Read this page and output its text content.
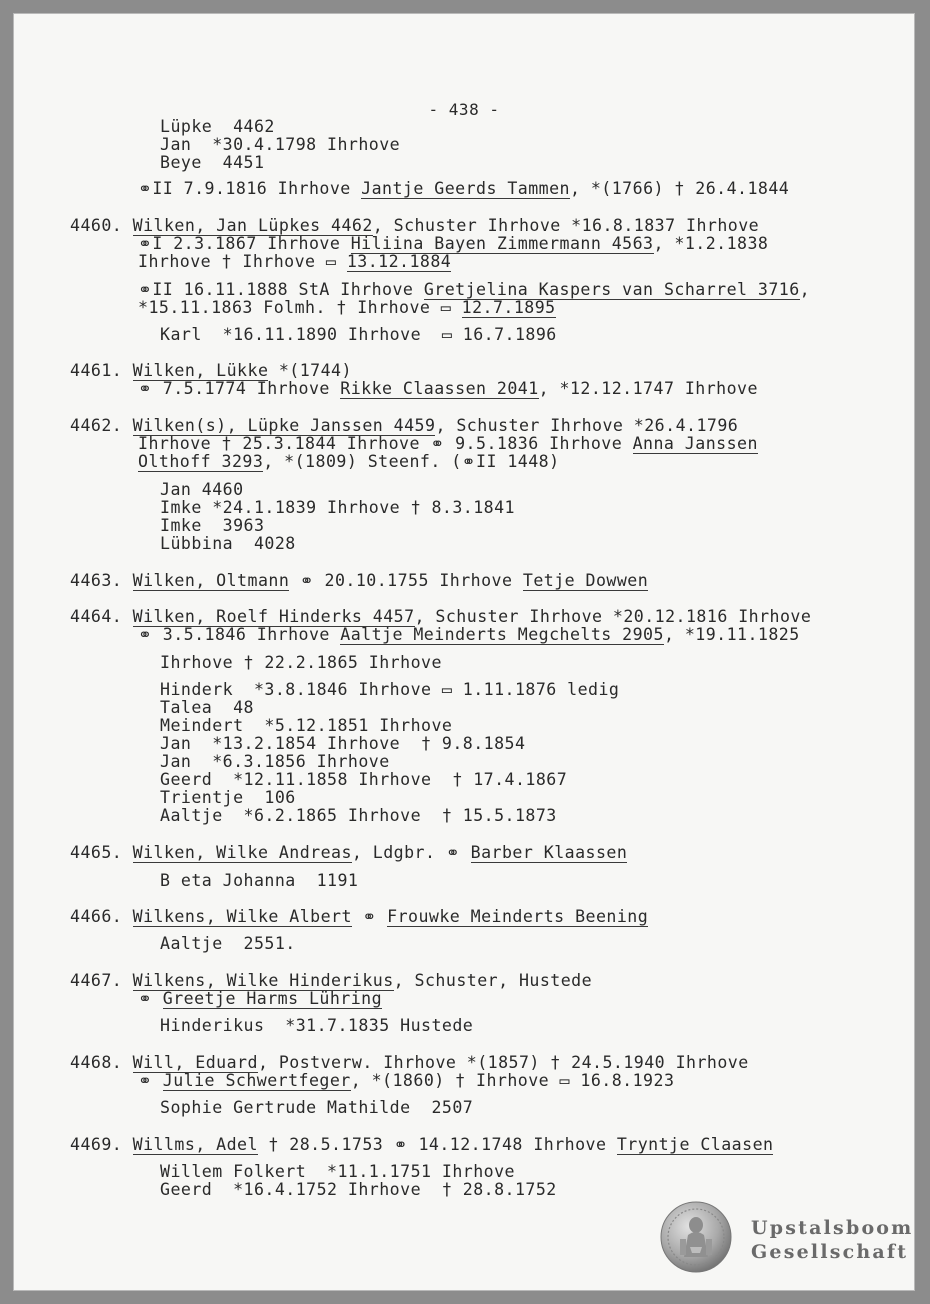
- 438 -
Lüpke  4462
Jan  *30.4.1798 Ihrhove
Beye  4451
⚭II 7.9.1816 Ihrhove Jantje Geerds Tammen, *(1766) † 26.4.1844
4460. Wilken, Jan Lüpkes 4462, Schuster Ihrhove *16.8.1837 Ihrhove
⚭I 2.3.1867 Ihrhove Hiliina Bayen Zimmermann 4563, *1.2.1838
Ihrhove † Ihrhove ▭ 13.12.1884
⚭II 16.11.1888 StA Ihrhove Gretjelina Kaspers van Scharrel 3716,
*15.11.1863 Folmh. † Ihrhove ▭ 12.7.1895
Karl  *16.11.1890 Ihrhove  ▭ 16.7.1896
4461. Wilken, Lükke *(1744)
⚭ 7.5.1774 Ihrhove Rikke Claassen 2041, *12.12.1747 Ihrhove
4462. Wilken(s), Lüpke Janssen 4459, Schuster Ihrhove *26.4.1796
Ihrhove † 25.3.1844 Ihrhove ⚭ 9.5.1836 Ihrhove Anna Janssen
Olthoff 3293, *(1809) Steenf. (⚭II 1448)
Jan 4460
Imke *24.1.1839 Ihrhove † 8.3.1841
Imke  3963
Lübbina  4028
4463. Wilken, Oltmann ⚭ 20.10.1755 Ihrhove Tetje Dowwen
4464. Wilken, Roelf Hinderks 4457, Schuster Ihrhove *20.12.1816 Ihrhove
⚭ 3.5.1846 Ihrhove Aaltje Meinderts Megchelts 2905, *19.11.1825
Ihrhove † 22.2.1865 Ihrhove
Hinderk  *3.8.1846 Ihrhove ▭ 1.11.1876 ledig
Talea  48
Meindert  *5.12.1851 Ihrhove
Jan  *13.2.1854 Ihrhove  † 9.8.1854
Jan  *6.3.1856 Ihrhove
Geerd  *12.11.1858 Ihrhove  † 17.4.1867
Trientje  106
Aaltje  *6.2.1865 Ihrhove  † 15.5.1873
4465. Wilken, Wilke Andreas, Ldgbr. ⚭ Barber Klaassen
B eta Johanna  1191
4466. Wilkens, Wilke Albert ⚭ Frouwke Meinderts Beening
Aaltje  2551.
4467. Wilkens, Wilke Hinderikus, Schuster, Hustede
⚭ Greetje Harms Lühring
Hinderikus  *31.7.1835 Hustede
4468. Will, Eduard, Postverw. Ihrhove *(1857) † 24.5.1940 Ihrhove
⚭ Julie Schwertfeger, *(1860) † Ihrhove ▭ 16.8.1923
Sophie Gertrude Mathilde  2507
4469. Willms, Adel † 28.5.1753 ⚭ 14.12.1748 Ihrhove Tryntje Claasen
Willem Folkert  *11.1.1751 Ihrhove
Geerd  *16.4.1752 Ihrhove  † 28.8.1752
Upstalsboom
Gesellschaft
